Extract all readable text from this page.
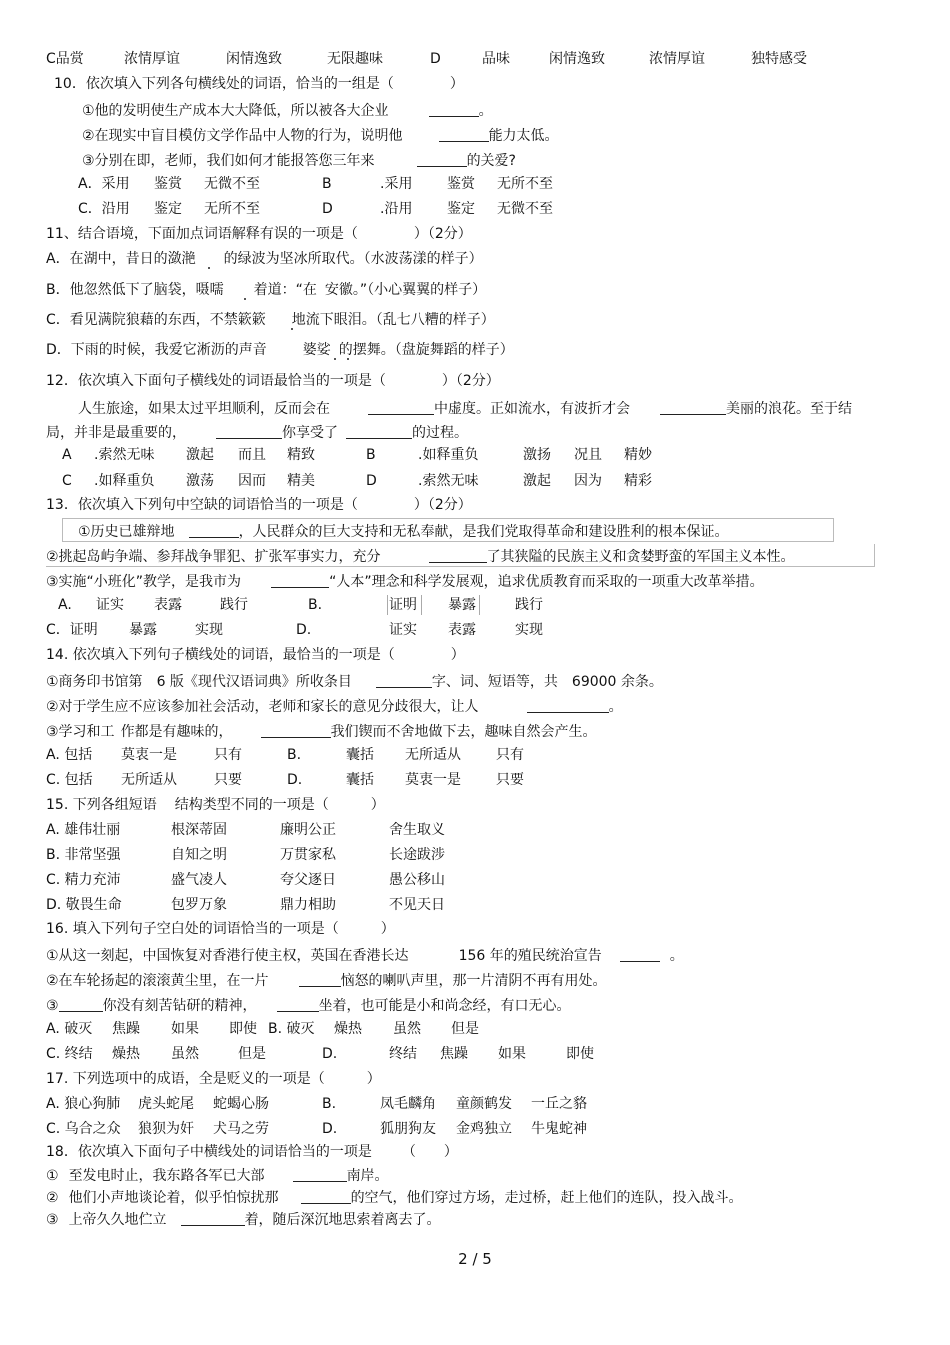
C品赏	浓情厚谊	闲情逸致	无限趣味	D	品味	闲情逸致	浓情厚谊	独特感受
10．依次填入下列各句横线处的词语，恰当的一组是（　　　　）
①他的发明使生产成本大大降低，所以被各大企业	。
②在现实中盲目模仿文学作品中人物的行为，说明他	能力太低。
③分别在即，老师，我们如何才能报答您三年来	的关爱?
A．采用 鉴赏 无微不至	B	.采用 鉴赏 无所不至
C．沿用 鉴定 无所不至	D	.沿用 鉴定 无微不至
11、结合语境，下面加点词语解释有误的一项是（　　　　）（2分）
A．在湖中，昔日的潋滟 的绿波为坚冰所取代。（水波荡漾的样子）
B．他忽然低下了脑袋，嗫嚅 着道：“在 安徽。”（小心翼翼的样子）
C．看见满院狼藉的东西，不禁簌簌 地流下眼泪。（乱七八糟的样子）
D．下雨的时候，我爱它淅沥的声音	婆娑 的摆舞。（盘旋舞蹈的样子）
12．依次填入下面句子横线处的词语最恰当的一项是（　　　　）（2分）
人生旅途，如果太过平坦顺利，反而会在	中虚度。正如流水，有波折才会	美丽的浪花。至于结
局，并非是最重要的，	你享受了	的过程。
A .索然无味 激起 而且 精致	B	.如释重负	激扬 况且 精妙
C .如释重负 激荡 因而 精美	D	.索然无味	激起 因为 精彩
13．依次填入下列句中空缺的词语恰当的一项是（　　　　）（2分）
①历史已雄辩地	，人民群众的巨大支持和无私奉献，是我们党取得革命和建设胜利的根本保证。
②挑起岛屿争端、参拜战争罪犯、扩张军事实力，充分	了其狭隘的民族主义和贪婪野蛮的军国主义本性。
③实施“小班化”教学，是我市为	“人本”理念和科学发展观，追求优质教育而采取的一项重大改革举措。
A. 证实 表露	践行	B.	证明 暴露	践行
C．证明 暴露	实现	D.	证实 表露	实现
14. 依次填入下列句子横线处的词语，最恰当的一项是（　　　　）
①商务印书馆第 6 版《现代汉语词典》所收条目	字、词、短语等，共 69000 余条。
②对于学生应不应该参加社会活动，老师和家长的意见分歧很大，让人	。
③学习和工 作都是有趣味的，	我们锲而不舍地做下去，趣味自然会产生。
A. 包括 莫衷一是	只有	B.	囊括 无所适从	只有
C. 包括 无所适从	只要	D.	囊括 莫衷一是	只要
15. 下列各组短语 结构类型不同的一项是（　　　）
A. 雄伟壮丽	根深蒂固	廉明公正	舍生取义
B. 非常坚强	自知之明	万贯家私	长途跋涉
C. 精力充沛	盛气凌人	夸父逐日	愚公移山
D. 敬畏生命	包罗万象	鼎力相助	不见天日
16. 填入下列句子空白处的词语恰当的一项是（　　　）
①从这一刻起，中国恢复对香港行使主权，英国在香港长达	156 年的殖民统治宣告	。
②在车轮扬起的滚滚黄尘里，在一片	恼怒的喇叭声里，那一片清阴不再有用处。
③	你没有刻苦钻研的精神，	坐着，也可能是小和尚念经，有口无心。
A. 破灭 焦躁 如果 即使 B. 破灭 燥热 虽然 但是
C. 终结 燥热 虽然	但是	D.	终结 焦躁 如果	即使
17. 下列选项中的成语，全是贬义的一项是（　　　）
A. 狼心狗肺 虎头蛇尾 蛇蝎心肠	B.	凤毛麟角 童颜鹤发 一丘之貉
C. 乌合之众 狼狈为奸 犬马之劳	D.	狐朋狗友 金鸡独立 牛鬼蛇神
18．依次填入下面句子中横线处的词语恰当的一项是 （　　）
① 至发电时止，我东路各军已大部	南岸。
② 他们小声地谈论着，似乎怕惊扰那	的空气，他们穿过方场，走过桥，赶上他们的连队，投入战斗。
③ 上帝久久地伫立	着，随后深沉地思索着离去了。
2 / 5
